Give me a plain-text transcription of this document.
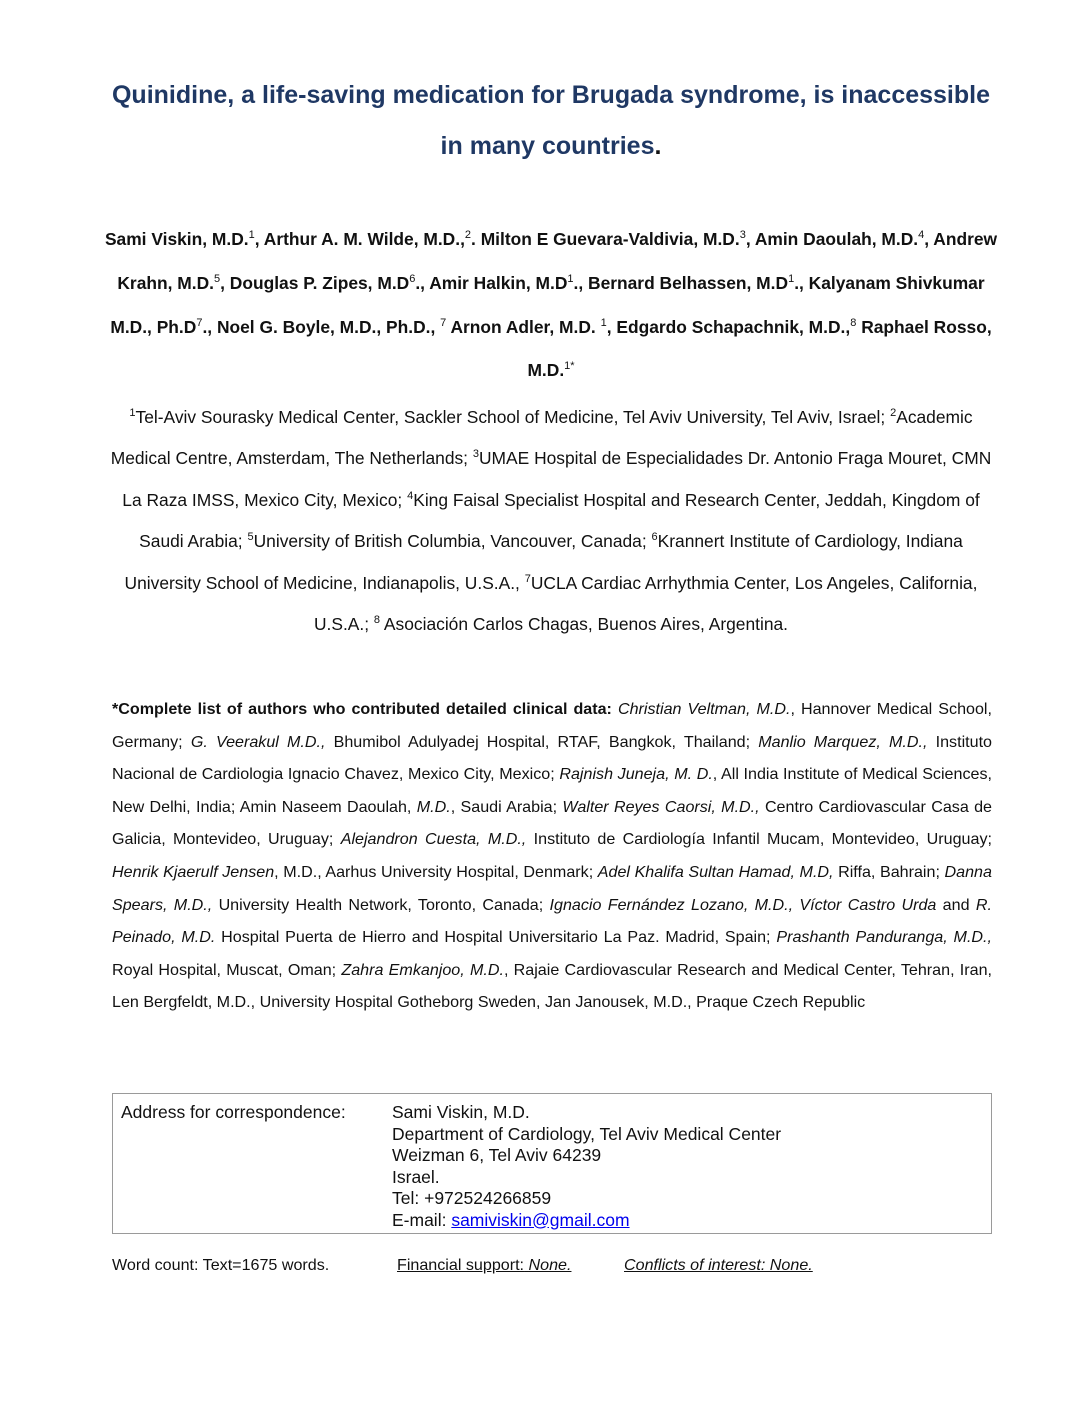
Quinidine, a life-saving medication for Brugada syndrome, is inaccessible in many countries.
Sami Viskin, M.D.$^1$, Arthur A. M. Wilde, M.D.,$^2$. Milton E Guevara-Valdivia, M.D.$^3$, Amin Daoulah, M.D.$^4$, Andrew Krahn, M.D.$^5$, Douglas P. Zipes, $M.D^6$., Amir Halkin, $M.D^1$., Bernard Belhassen, $M.D^1$., Kalyanam Shivkumar M.D., $Ph.D^7$., Noel G. Boyle, M.D., Ph.D., $^7$ Arnon Adler, M.D. $^1$, Edgardo Schapachnik, M.D.,$^8$ Raphael Rosso, M.D.$^{1*}$
$^1$Tel-Aviv Sourasky Medical Center, Sackler School of Medicine, Tel Aviv University, Tel Aviv, Israel; $^2$Academic Medical Centre, Amsterdam, The Netherlands; $^3$UMAE Hospital de Especialidades Dr. Antonio Fraga Mouret, CMN La Raza IMSS, Mexico City, Mexico; $^4$King Faisal Specialist Hospital and Research Center, Jeddah, Kingdom of Saudi Arabia; $^5$University of British Columbia, Vancouver, Canada; $^6$Krannert Institute of Cardiology, Indiana University School of Medicine, Indianapolis, U.S.A., $^7$UCLA Cardiac Arrhythmia Center, Los Angeles, California, U.S.A.; $^8$ Asociación Carlos Chagas, Buenos Aires, Argentina.
*Complete list of authors who contributed detailed clinical data: Christian Veltman, M.D., Hannover Medical School, Germany; G. Veerakul M.D., Bhumibol Adulyadej Hospital, RTAF, Bangkok, Thailand; Manlio Marquez, M.D., Instituto Nacional de Cardiologia Ignacio Chavez, Mexico City, Mexico; Rajnish Juneja, M. D., All India Institute of Medical Sciences, New Delhi, India; Amin Naseem Daoulah, M.D., Saudi Arabia; Walter Reyes Caorsi, M.D., Centro Cardiovascular Casa de Galicia, Montevideo, Uruguay; Alejandron Cuesta, M.D., Instituto de Cardiología Infantil Mucam, Montevideo, Uruguay; Henrik Kjaerulf Jensen, M.D., Aarhus University Hospital, Denmark; Adel Khalifa Sultan Hamad, M.D, Riffa, Bahrain; Danna Spears, M.D., University Health Network, Toronto, Canada; Ignacio Fernández Lozano, M.D., Víctor Castro Urda and R. Peinado, M.D. Hospital Puerta de Hierro and Hospital Universitario La Paz. Madrid, Spain; Prashanth Panduranga, M.D., Royal Hospital, Muscat, Oman; Zahra Emkanjoo, M.D., Rajaie Cardiovascular Research and Medical Center, Tehran, Iran, Len Bergfeldt, M.D., University Hospital Gotheborg Sweden, Jan Janousek, M.D., Praque Czech Republic
Address for correspondence:	Sami Viskin, M.D.
Department of Cardiology, Tel Aviv Medical Center
Weizman 6, Tel Aviv 64239
Israel.
Tel: +972524266859
E-mail: samiviskin@gmail.com
Word count: Text=1675 words.	Financial support: None.	Conflicts of interest: None.
